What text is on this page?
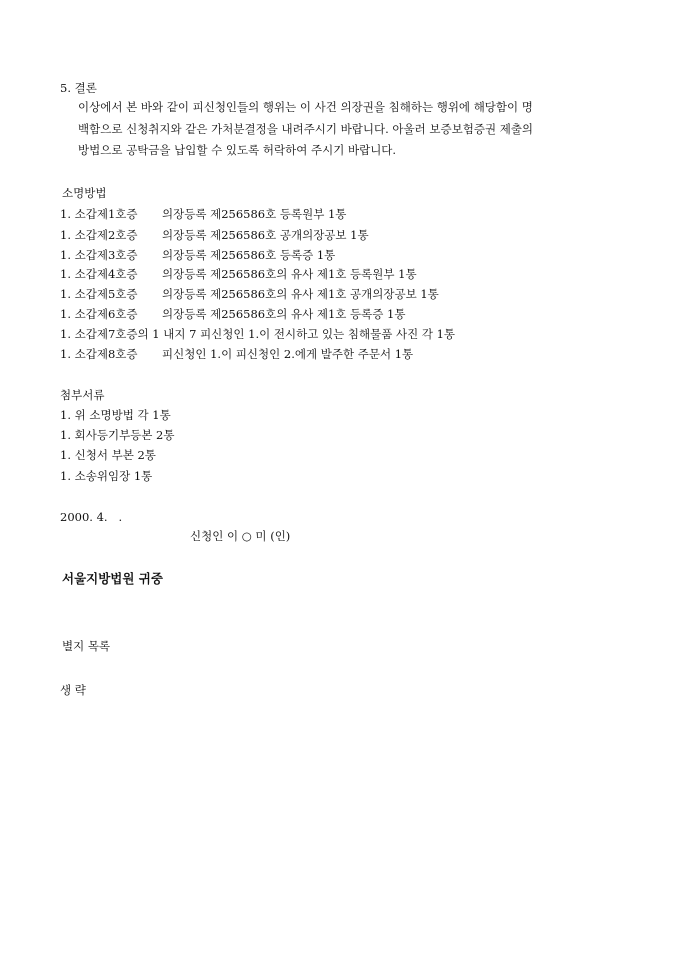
5. 결론
이상에서 본 바와 같이 피신청인들의 행위는 이 사건 의장권을 침해하는 행위에 해당함이 명
백함으로 신청취지와 같은 가처분결정을 내려주시기 바랍니다. 아울러 보증보험증권 제출의
방법으로 공탁금을 납입할 수 있도록 허락하여 주시기 바랍니다.
소명방법
1. 소갑제1호증 의장등록 제256586호 등록원부 1통
1. 소갑제2호증 의장등록 제256586호 공개의장공보 1통
1. 소갑제3호증 의장등록 제256586호 등록증 1통
1. 소갑제4호증 의장등록 제256586호의 유사 제1호 등록원부 1통
1. 소갑제5호증 의장등록 제256586호의 유사 제1호 공개의장공보 1통
1. 소갑제6호증 의장등록 제256586호의 유사 제1호 등록증 1통
1. 소갑제7호증의 1 내지 7 피신청인 1.이 전시하고 있는 침해물품 사진 각 1통
1. 소갑제8호증 피신청인 1.이 피신청인 2.에게 발주한 주문서 1통
첨부서류
1. 위 소명방법 각 1통
1. 회사등기부등본 2통
1. 신청서 부본 2통
1. 소송위임장 1통
2000. 4.   .
신청인 이 ○ 미 (인)
서울지방법원 귀중
별지 목록
생 략
